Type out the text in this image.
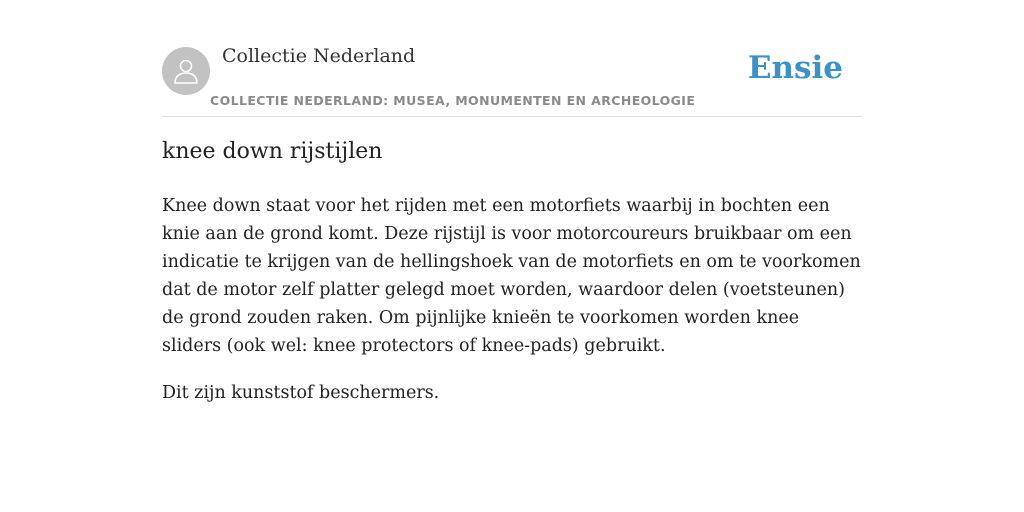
Collectie Nederland
COLLECTIE NEDERLAND: MUSEA, MONUMENTEN EN ARCHEOLOGIE
Ensie
knee down rijstijlen

Knee down staat voor het rijden met een motorfiets waarbij in bochten een knie aan de grond komt. Deze rijstijl is voor motorcoureurs bruikbaar om een indicatie te krijgen van de hellingshoek van de motorfiets en om te voorkomen dat de motor zelf platter gelegd moet worden, waardoor delen (voetsteunen) de grond zouden raken. Om pijnlijke knieën te voorkomen worden knee sliders (ook wel: knee protectors of knee-pads) gebruikt.

Dit zijn kunststof beschermers.
